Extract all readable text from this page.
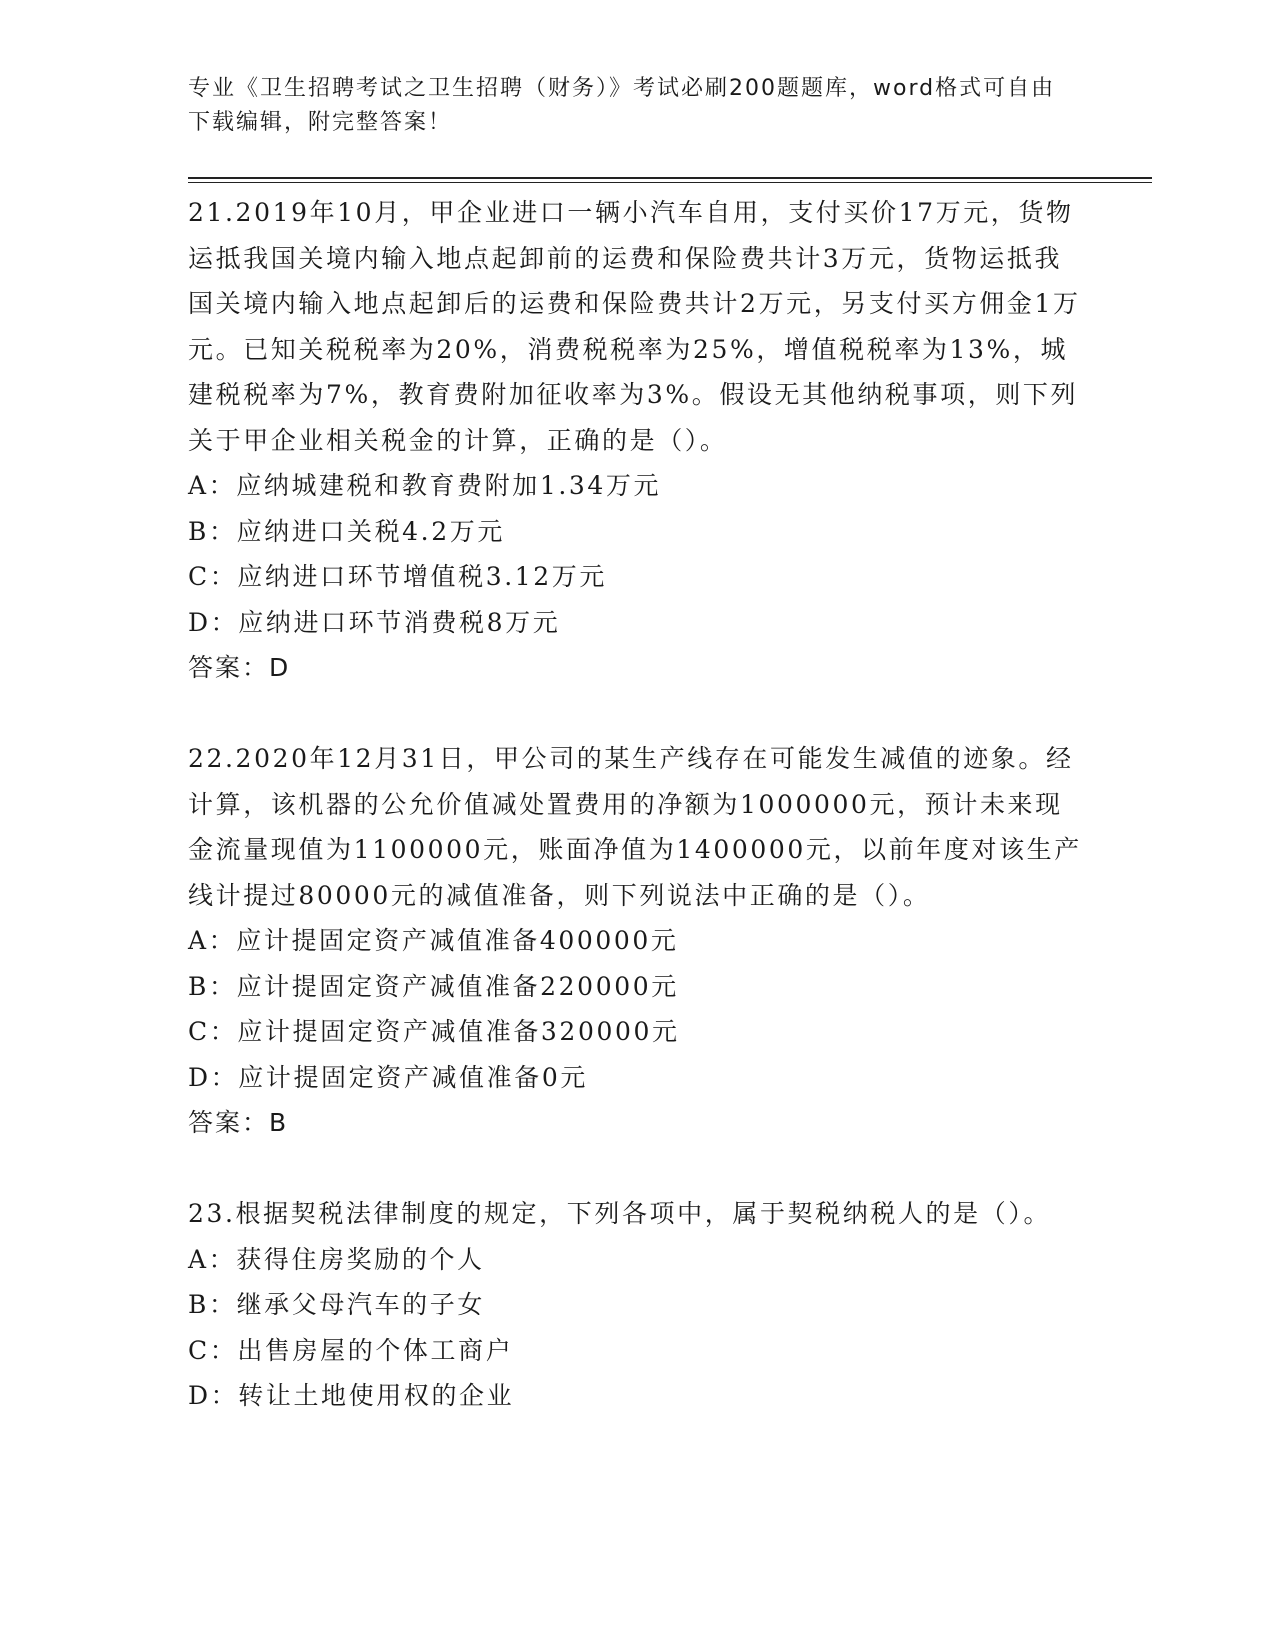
专业《卫生招聘考试之卫生招聘（财务）》考试必刷200题题库，word格式可自由下载编辑，附完整答案！

21.2019年10月，甲企业进口一辆小汽车自用，支付买价17万元，货物运抵我国关境内输入地点起卸前的运费和保险费共计3万元，货物运抵我国关境内输入地点起卸后的运费和保险费共计2万元，另支付买方佣金1万元。已知关税税率为20%，消费税税率为25%，增值税税率为13%，城建税税率为7%，教育费附加征收率为3%。假设无其他纳税事项，则下列关于甲企业相关税金的计算，正确的是（）。

A：应纳城建税和教育费附加1.34万元

B：应纳进口关税4.2万元

C：应纳进口环节增值税3.12万元

D：应纳进口环节消费税8万元

答案：D

22.2020年12月31日，甲公司的某生产线存在可能发生减值的迹象。经计算，该机器的公允价值减处置费用的净额为1000000元，预计未来现金流量现值为1100000元，账面净值为1400000元，以前年度对该生产线计提过80000元的减值准备，则下列说法中正确的是（）。

A：应计提固定资产减值准备400000元

B：应计提固定资产减值准备220000元

C：应计提固定资产减值准备320000元

D：应计提固定资产减值准备0元

答案：B

23.根据契税法律制度的规定，下列各项中，属于契税纳税人的是（）。

A：获得住房奖励的个人

B：继承父母汽车的子女

C：出售房屋的个体工商户

D：转让土地使用权的企业
